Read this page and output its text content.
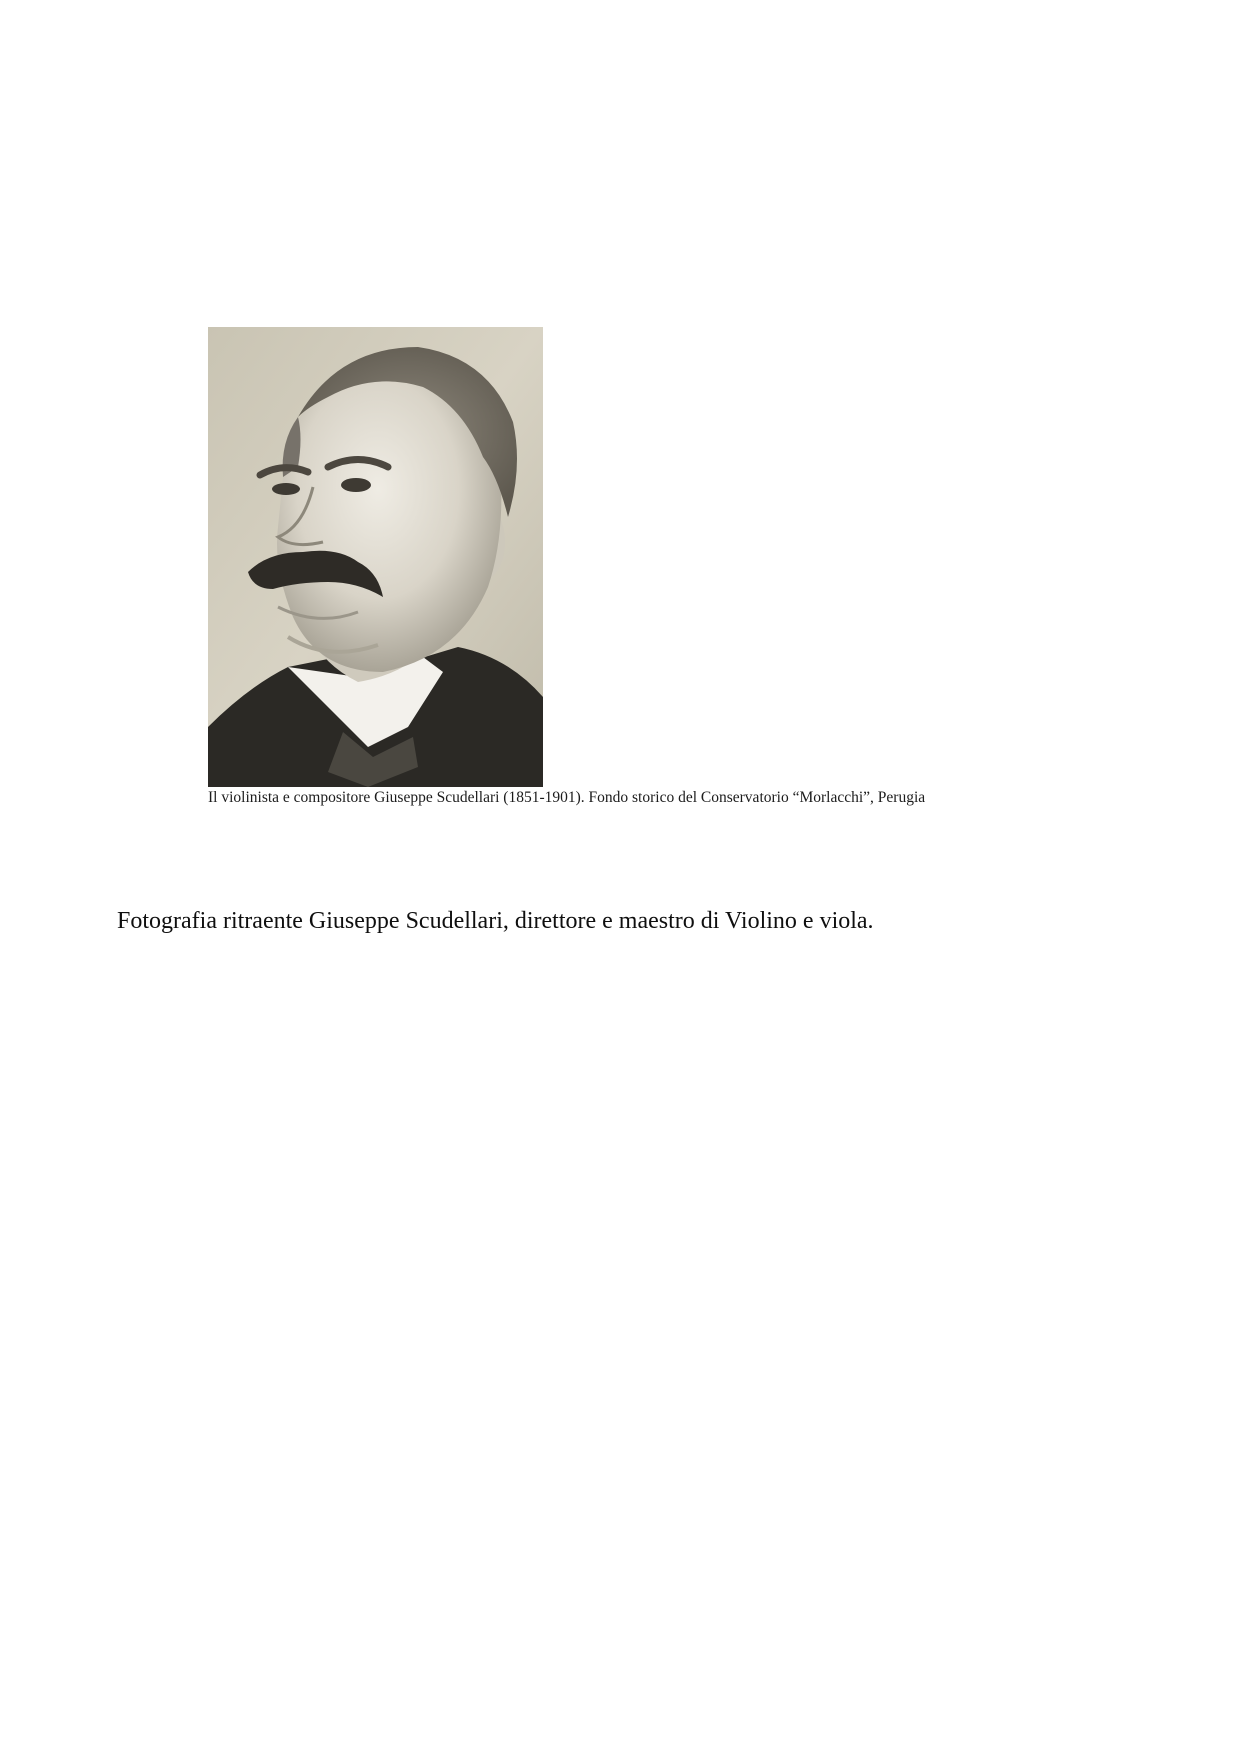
Il violinista e compositore Giuseppe Scudellari (1851-1901). Fondo storico del Conservatorio “Morlacchi”, Perugia

Fotografia ritraente Giuseppe Scudellari, direttore e maestro di Violino e viola.
